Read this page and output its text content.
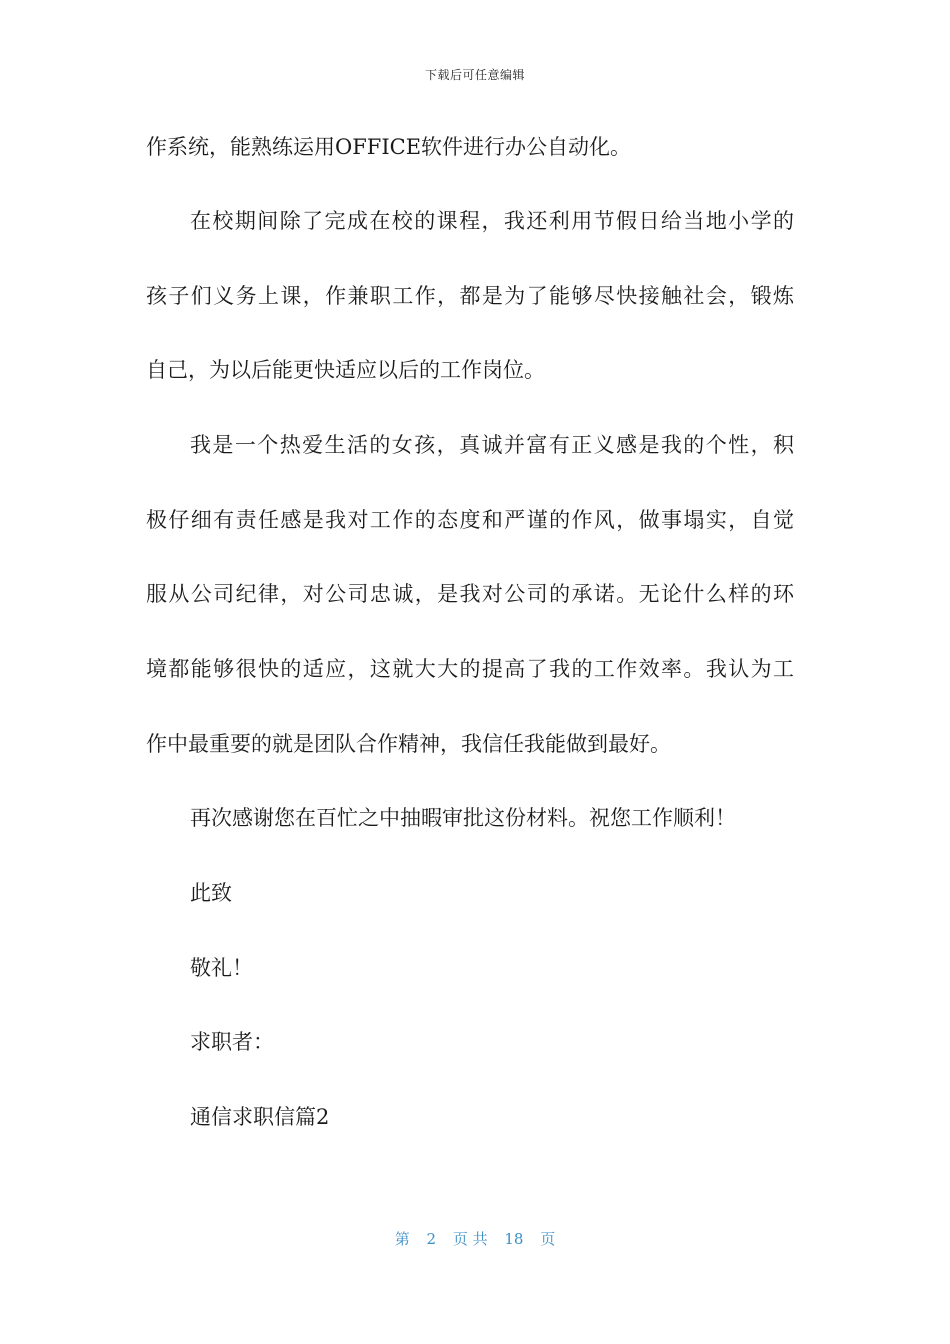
下载后可任意编辑
作系统，能熟练运用OFFICE软件进行办公自动化。
在校期间除了完成在校的课程，我还利用节假日给当地小学的
孩子们义务上课，作兼职工作，都是为了能够尽快接触社会，锻炼
自己，为以后能更快适应以后的工作岗位。
我是一个热爱生活的女孩，真诚并富有正义感是我的个性，积
极仔细有责任感是我对工作的态度和严谨的作风，做事塌实，自觉
服从公司纪律，对公司忠诚，是我对公司的承诺。无论什么样的环
境都能够很快的适应，这就大大的提高了我的工作效率。我认为工
作中最重要的就是团队合作精神，我信任我能做到最好。
再次感谢您在百忙之中抽暇审批这份材料。祝您工作顺利！
此致
敬礼！
求职者：
通信求职信篇2
第 2 页 共 18 页
